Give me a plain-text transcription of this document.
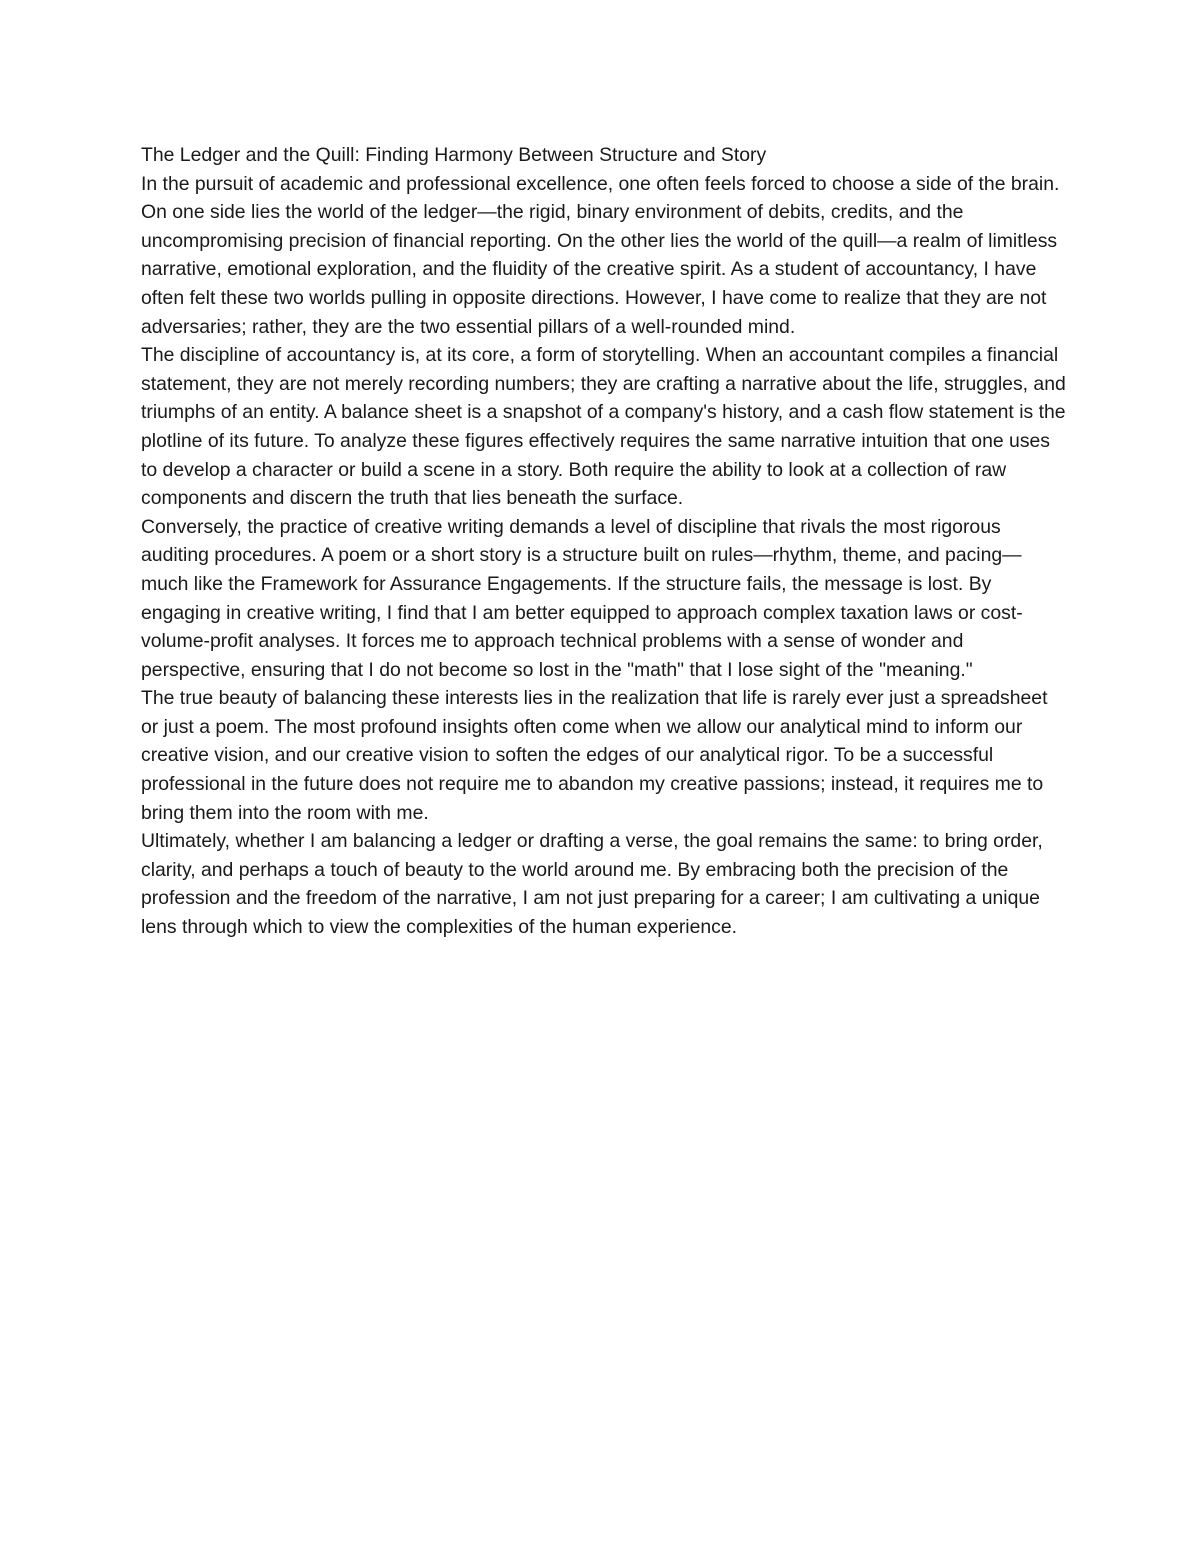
The Ledger and the Quill: Finding Harmony Between Structure and Story

In the pursuit of academic and professional excellence, one often feels forced to choose a side of the brain. On one side lies the world of the ledger—the rigid, binary environment of debits, credits, and the uncompromising precision of financial reporting. On the other lies the world of the quill—a realm of limitless narrative, emotional exploration, and the fluidity of the creative spirit. As a student of accountancy, I have often felt these two worlds pulling in opposite directions. However, I have come to realize that they are not adversaries; rather, they are the two essential pillars of a well-rounded mind.

The discipline of accountancy is, at its core, a form of storytelling. When an accountant compiles a financial statement, they are not merely recording numbers; they are crafting a narrative about the life, struggles, and triumphs of an entity. A balance sheet is a snapshot of a company's history, and a cash flow statement is the plotline of its future. To analyze these figures effectively requires the same narrative intuition that one uses to develop a character or build a scene in a story. Both require the ability to look at a collection of raw components and discern the truth that lies beneath the surface.

Conversely, the practice of creative writing demands a level of discipline that rivals the most rigorous auditing procedures. A poem or a short story is a structure built on rules—rhythm, theme, and pacing—much like the Framework for Assurance Engagements. If the structure fails, the message is lost. By engaging in creative writing, I find that I am better equipped to approach complex taxation laws or cost-volume-profit analyses. It forces me to approach technical problems with a sense of wonder and perspective, ensuring that I do not become so lost in the "math" that I lose sight of the "meaning."

The true beauty of balancing these interests lies in the realization that life is rarely ever just a spreadsheet or just a poem. The most profound insights often come when we allow our analytical mind to inform our creative vision, and our creative vision to soften the edges of our analytical rigor. To be a successful professional in the future does not require me to abandon my creative passions; instead, it requires me to bring them into the room with me.

Ultimately, whether I am balancing a ledger or drafting a verse, the goal remains the same: to bring order, clarity, and perhaps a touch of beauty to the world around me. By embracing both the precision of the profession and the freedom of the narrative, I am not just preparing for a career; I am cultivating a unique lens through which to view the complexities of the human experience.
